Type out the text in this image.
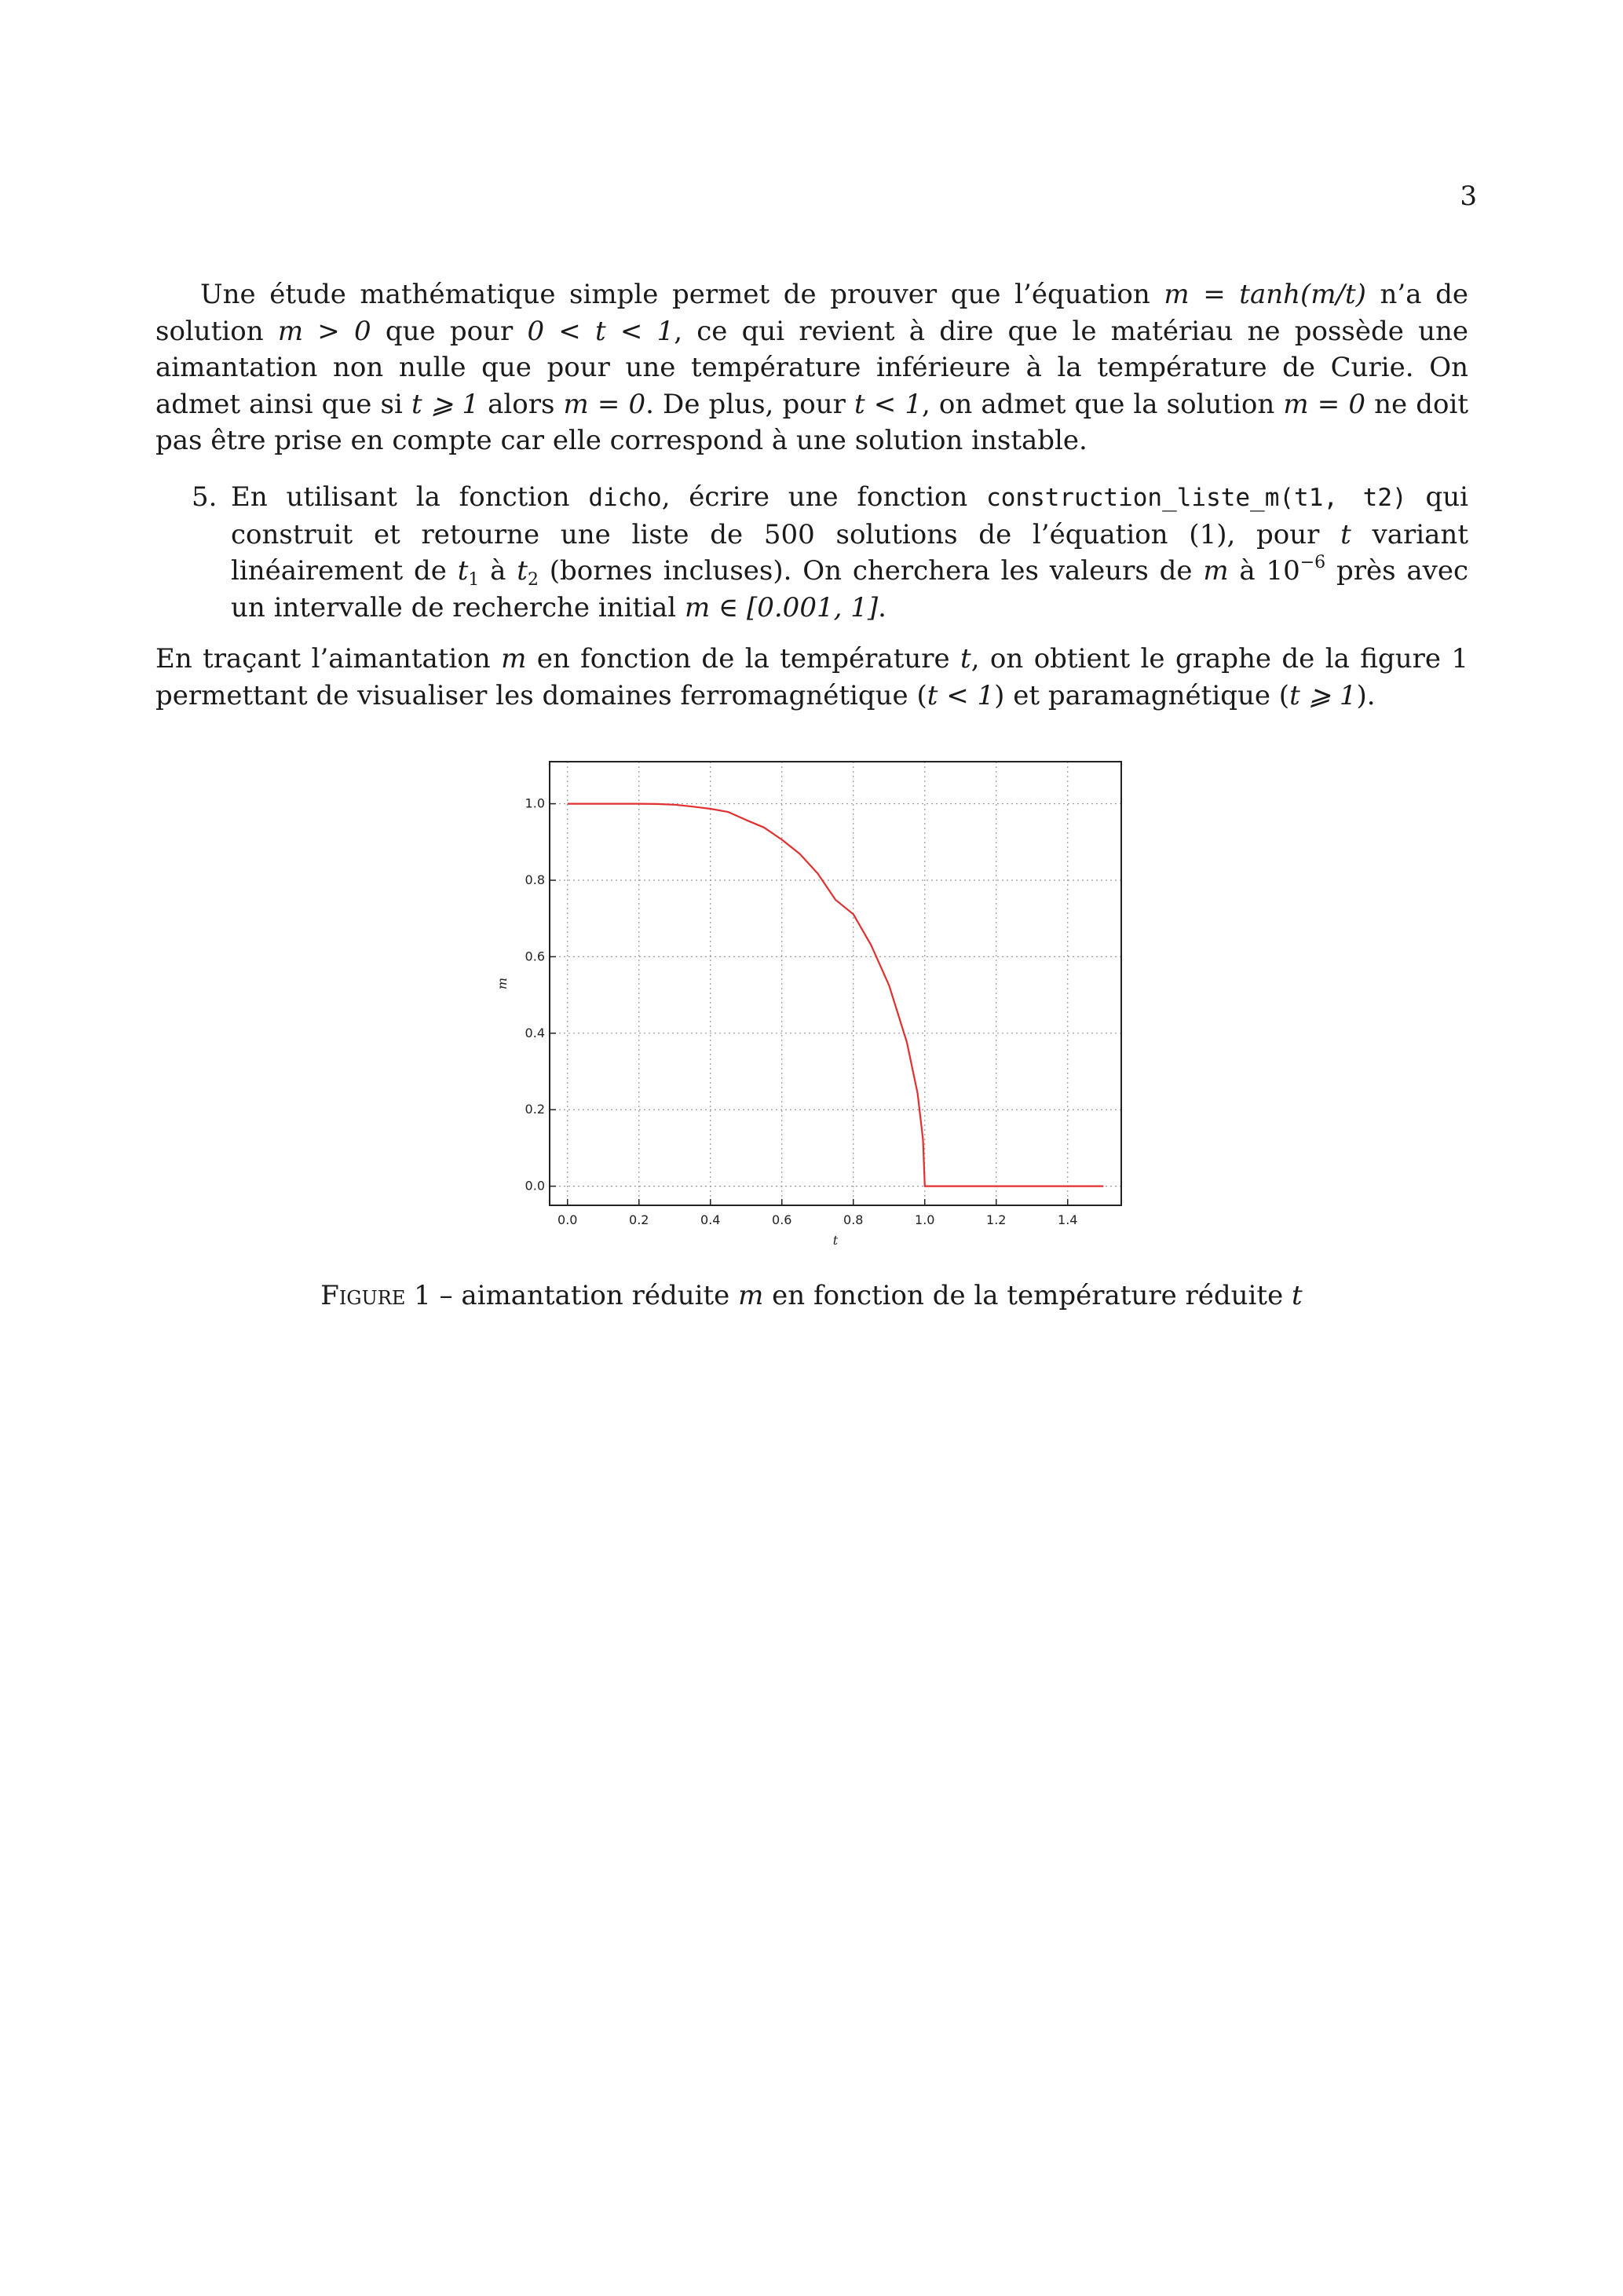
3
Une étude mathématique simple permet de prouver que l’équation m = tanh(m/t) n’a de solution m > 0 que pour 0 < t < 1, ce qui revient à dire que le matériau ne possède une aimantation non nulle que pour une température inférieure à la température de Curie. On admet ainsi que si t ⩾ 1 alors m = 0. De plus, pour t < 1, on admet que la solution m = 0 ne doit pas être prise en compte car elle correspond à une solution instable.
5. En utilisant la fonction dicho, écrire une fonction construction_liste_m(t1, t2) qui construit et retourne une liste de 500 solutions de l’équation (1), pour t variant linéairement de $t_1$ à $t_2$ (bornes incluses). On cherchera les valeurs de m à $10^{-6}$ près avec un intervalle de recherche initial m ∈ [0.001, 1].
En traçant l’aimantation m en fonction de la température t, on obtient le graphe de la figure 1 permettant de visualiser les domaines ferromagnétique (t < 1) et paramagnétique (t ⩾ 1).
0.0	0.2	0.4	0.6	0.8	1.0	1.2	1.4
0.0
0.2
0.4
0.6
0.8
1.0
t
m
Figure 1 – aimantation réduite m en fonction de la température réduite t
